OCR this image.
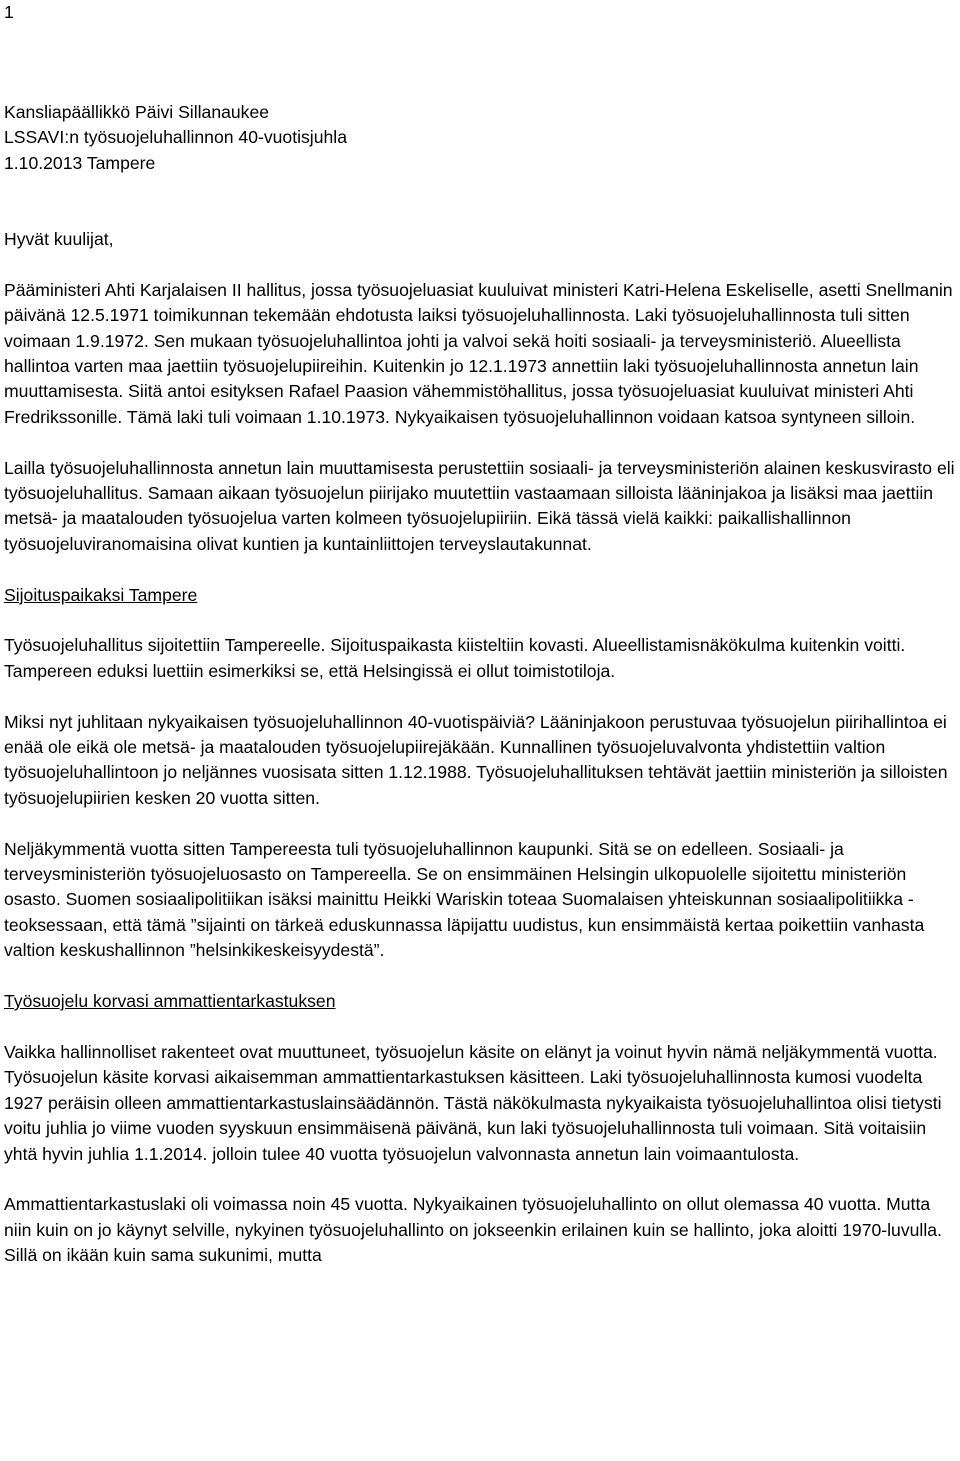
1

Kansliapäällikkö Päivi Sillanaukee
LSSAVI:n työsuojeluhallinnon 40-vuotisjuhla
1.10.2013 Tampere

Hyvät kuulijat,

Pääministeri Ahti Karjalaisen II hallitus, jossa työsuojeluasiat kuuluivat ministeri Katri-Helena Eskeliselle, asetti Snellmanin päivänä 12.5.1971 toimikunnan tekemään ehdotusta laiksi työsuojeluhallinnosta. Laki työsuojeluhallinnosta tuli sitten voimaan 1.9.1972. Sen mukaan työsuojeluhallintoa johti ja valvoi sekä hoiti sosiaali- ja terveysministeriö. Alueellista hallintoa varten maa jaettiin työsuojelupiireihin. Kuitenkin jo 12.1.1973 annettiin laki työsuojeluhallinnosta annetun lain muuttamisesta. Siitä antoi esityksen Rafael Paasion vähemmistöhallitus, jossa työsuojeluasiat kuuluivat ministeri Ahti Fredrikssonille. Tämä laki tuli voimaan 1.10.1973. Nykyaikaisen työsuojeluhallinnon voidaan katsoa syntyneen silloin.

Lailla työsuojeluhallinnosta annetun lain muuttamisesta perustettiin sosiaali- ja terveysministeriön alainen keskusvirasto eli työsuojeluhallitus. Samaan aikaan työsuojelun piirijako muutettiin vastaamaan silloista lääninjakoa ja lisäksi maa jaettiin metsä- ja maatalouden työsuojelua varten kolmeen työsuojelupiiriin. Eikä tässä vielä kaikki: paikallishallinnon työsuojeluviranomaisina olivat kuntien ja kuntainliittojen terveyslautakunnat.

Sijoituspaikaksi Tampere

Työsuojeluhallitus sijoitettiin Tampereelle. Sijoituspaikasta kiisteltiin kovasti. Alueellistamisnäkökulma kuitenkin voitti. Tampereen eduksi luettiin esimerkiksi se, että Helsingissä ei ollut toimistotiloja.

Miksi nyt juhlitaan nykyaikaisen työsuojeluhallinnon 40-vuotispäiviä? Lääninjakoon perustuvaa työsuojelun piirihallintoa ei enää ole eikä ole metsä- ja maatalouden työsuojelupiirejäkään. Kunnallinen työsuojeluvalvonta yhdistettiin valtion työsuojeluhallintoon jo neljännes vuosisata sitten 1.12.1988. Työsuojeluhallituksen tehtävät jaettiin ministeriön ja silloisten työsuojelupiirien kesken 20 vuotta sitten.

Neljäkymmentä vuotta sitten Tampereesta tuli työsuojeluhallinnon kaupunki. Sitä se on edelleen. Sosiaali- ja terveysministeriön työsuojeluosasto on Tampereella. Se on ensimmäinen Helsingin ulkopuolelle sijoitettu ministeriön osasto. Suomen sosiaalipolitiikan isäksi mainittu Heikki Wariskin toteaa Suomalaisen yhteiskunnan sosiaalipolitiikka -teoksessaan, että tämä ”sijainti on tärkeä eduskunnassa läpijattu uudistus, kun ensimmäistä kertaa poikettiin vanhasta valtion keskushallinnon ”helsinkikeskeisyydestä”.

Työsuojelu korvasi ammattientarkastuksen

Vaikka hallinnolliset rakenteet ovat muuttuneet, työsuojelun käsite on elänyt ja voinut hyvin nämä neljäkymmentä vuotta. Työsuojelun käsite korvasi aikaisemman ammattientarkastuksen käsitteen. Laki työsuojeluhallinnosta kumosi vuodelta 1927 peräisin olleen ammattientarkastuslainsäädännön. Tästä näkökulmasta nykyaikaista työsuojeluhallintoa olisi tietysti voitu juhlia jo viime vuoden syyskuun ensimmäisenä päivänä, kun laki työsuojeluhallinnosta tuli voimaan. Sitä voitaisiin yhtä hyvin juhlia 1.1.2014. jolloin tulee 40 vuotta työsuojelun valvonnasta annetun lain voimaantulosta.

Ammattientarkastuslaki oli voimassa noin 45 vuotta. Nykyaikainen työsuojeluhallinto on ollut olemassa 40 vuotta. Mutta niin kuin on jo käynyt selville, nykyinen työsuojeluhallinto on jokseenkin erilainen kuin se hallinto, joka aloitti 1970-luvulla. Sillä on ikään kuin sama sukunimi, mutta
